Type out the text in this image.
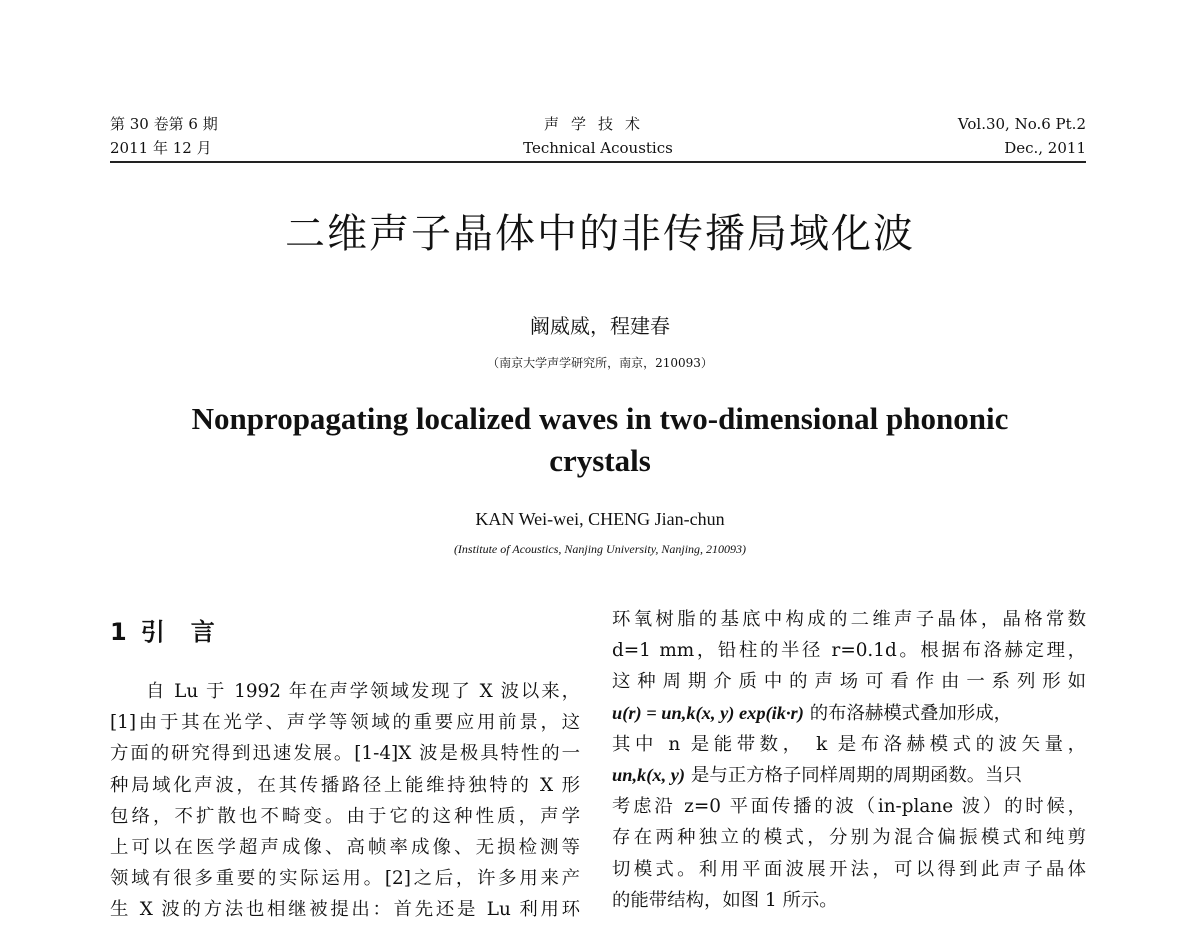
第 30 卷第 6 期
2011 年 12 月
声学技术
Technical Acoustics
Vol.30, No.6 Pt.2
Dec., 2011
二维声子晶体中的非传播局域化波
阚威威，程建春
（南京大学声学研究所，南京，210093）
Nonpropagating localized waves in two-dimensional phononic
crystals
KAN Wei-wei, CHENG Jian-chun
(Institute of Acoustics, Nanjing University, Nanjing, 210093)
1 引言
自 Lu 于 1992 年在声学领域发现了 X 波以来，
[1]由于其在光学、声学等领域的重要应用前景，这
方面的研究得到迅速发展。[1-4]X 波是极具特性的一
种局域化声波，在其传播路径上能维持独特的 X 形
包络，不扩散也不畸变。由于它的这种性质，声学
上可以在医学超声成像、高帧率成像、无损检测等
领域有很多重要的实际运用。[2]之后，许多用来产
生 X 波的方法也相继被提出：首先还是 Lu 利用环
环氧树脂的基底中构成的二维声子晶体，晶格常数
d=1 mm，铅柱的半径 r=0.1d。根据布洛赫定理，
这种周期介质中的声场可看作由一系列形如
u(r) = un,k(x, y) exp(ik·r) 的布洛赫模式叠加形成，
其中 n 是能带数， k 是布洛赫模式的波矢量，
un,k(x, y) 是与正方格子同样周期的周期函数。当只
考虑沿 z=0 平面传播的波（in-plane 波）的时候，
存在两种独立的模式，分别为混合偏振模式和纯剪
切模式。利用平面波展开法，可以得到此声子晶体
的能带结构，如图 1 所示。
